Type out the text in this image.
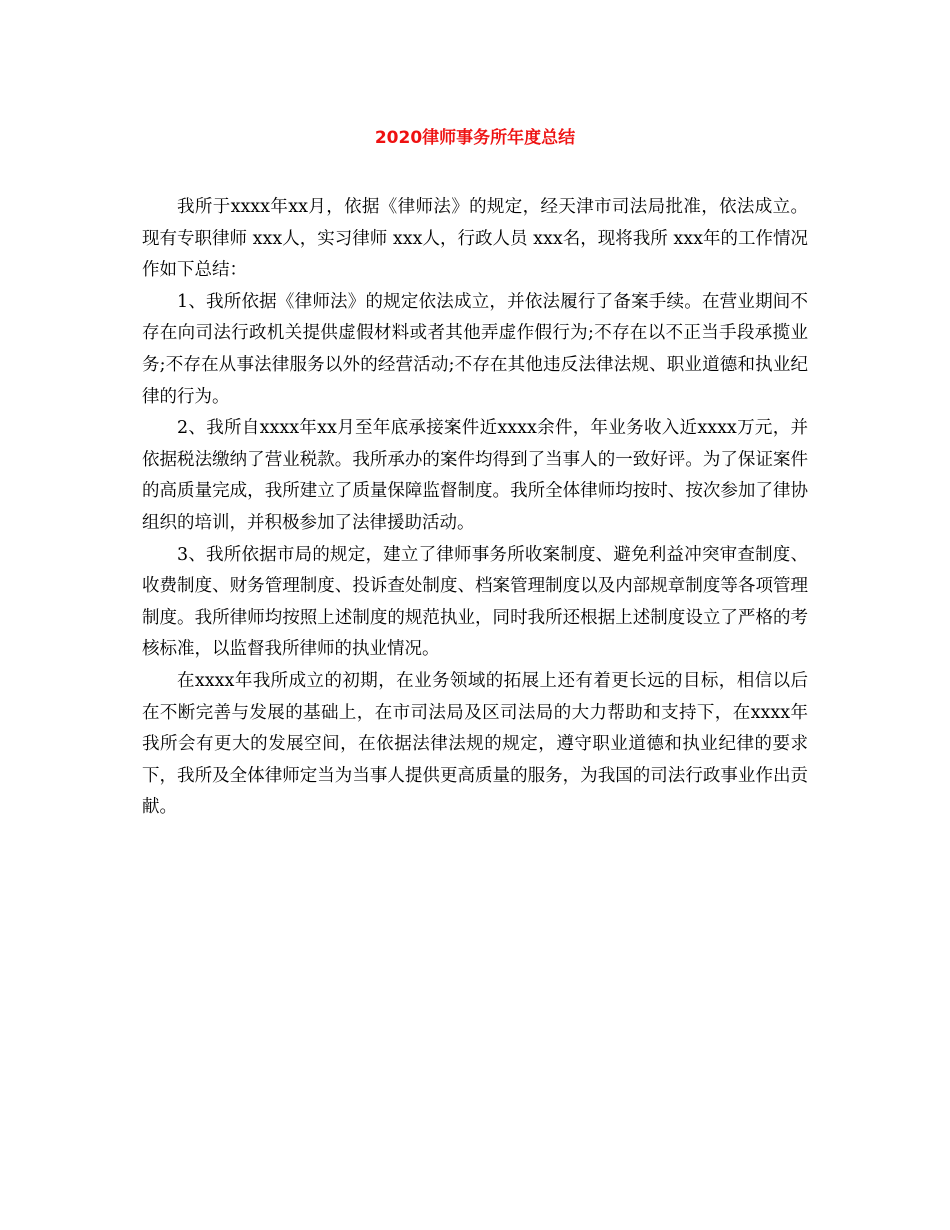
2020律师事务所年度总结

我所于xxxx年xx月，依据《律师法》的规定，经天津市司法局批准，依法成立。现有专职律师 xxx人，实习律师 xxx人，行政人员 xxx名，现将我所 xxx年的工作情况作如下总结：

1、我所依据《律师法》的规定依法成立，并依法履行了备案手续。在营业期间不存在向司法行政机关提供虚假材料或者其他弄虚作假行为;不存在以不正当手段承揽业务;不存在从事法律服务以外的经营活动;不存在其他违反法律法规、职业道德和执业纪律的行为。

2、我所自xxxx年xx月至年底承接案件近xxxx余件，年业务收入近xxxx万元，并依据税法缴纳了营业税款。我所承办的案件均得到了当事人的一致好评。为了保证案件的高质量完成，我所建立了质量保障监督制度。我所全体律师均按时、按次参加了律协组织的培训，并积极参加了法律援助活动。

3、我所依据市局的规定，建立了律师事务所收案制度、避免利益冲突审查制度、收费制度、财务管理制度、投诉查处制度、档案管理制度以及内部规章制度等各项管理制度。我所律师均按照上述制度的规范执业，同时我所还根据上述制度设立了严格的考核标准，以监督我所律师的执业情况。

在xxxx年我所成立的初期，在业务领域的拓展上还有着更长远的目标，相信以后在不断完善与发展的基础上，在市司法局及区司法局的大力帮助和支持下，在xxxx年我所会有更大的发展空间，在依据法律法规的规定，遵守职业道德和执业纪律的要求下，我所及全体律师定当为当事人提供更高质量的服务，为我国的司法行政事业作出贡献。
